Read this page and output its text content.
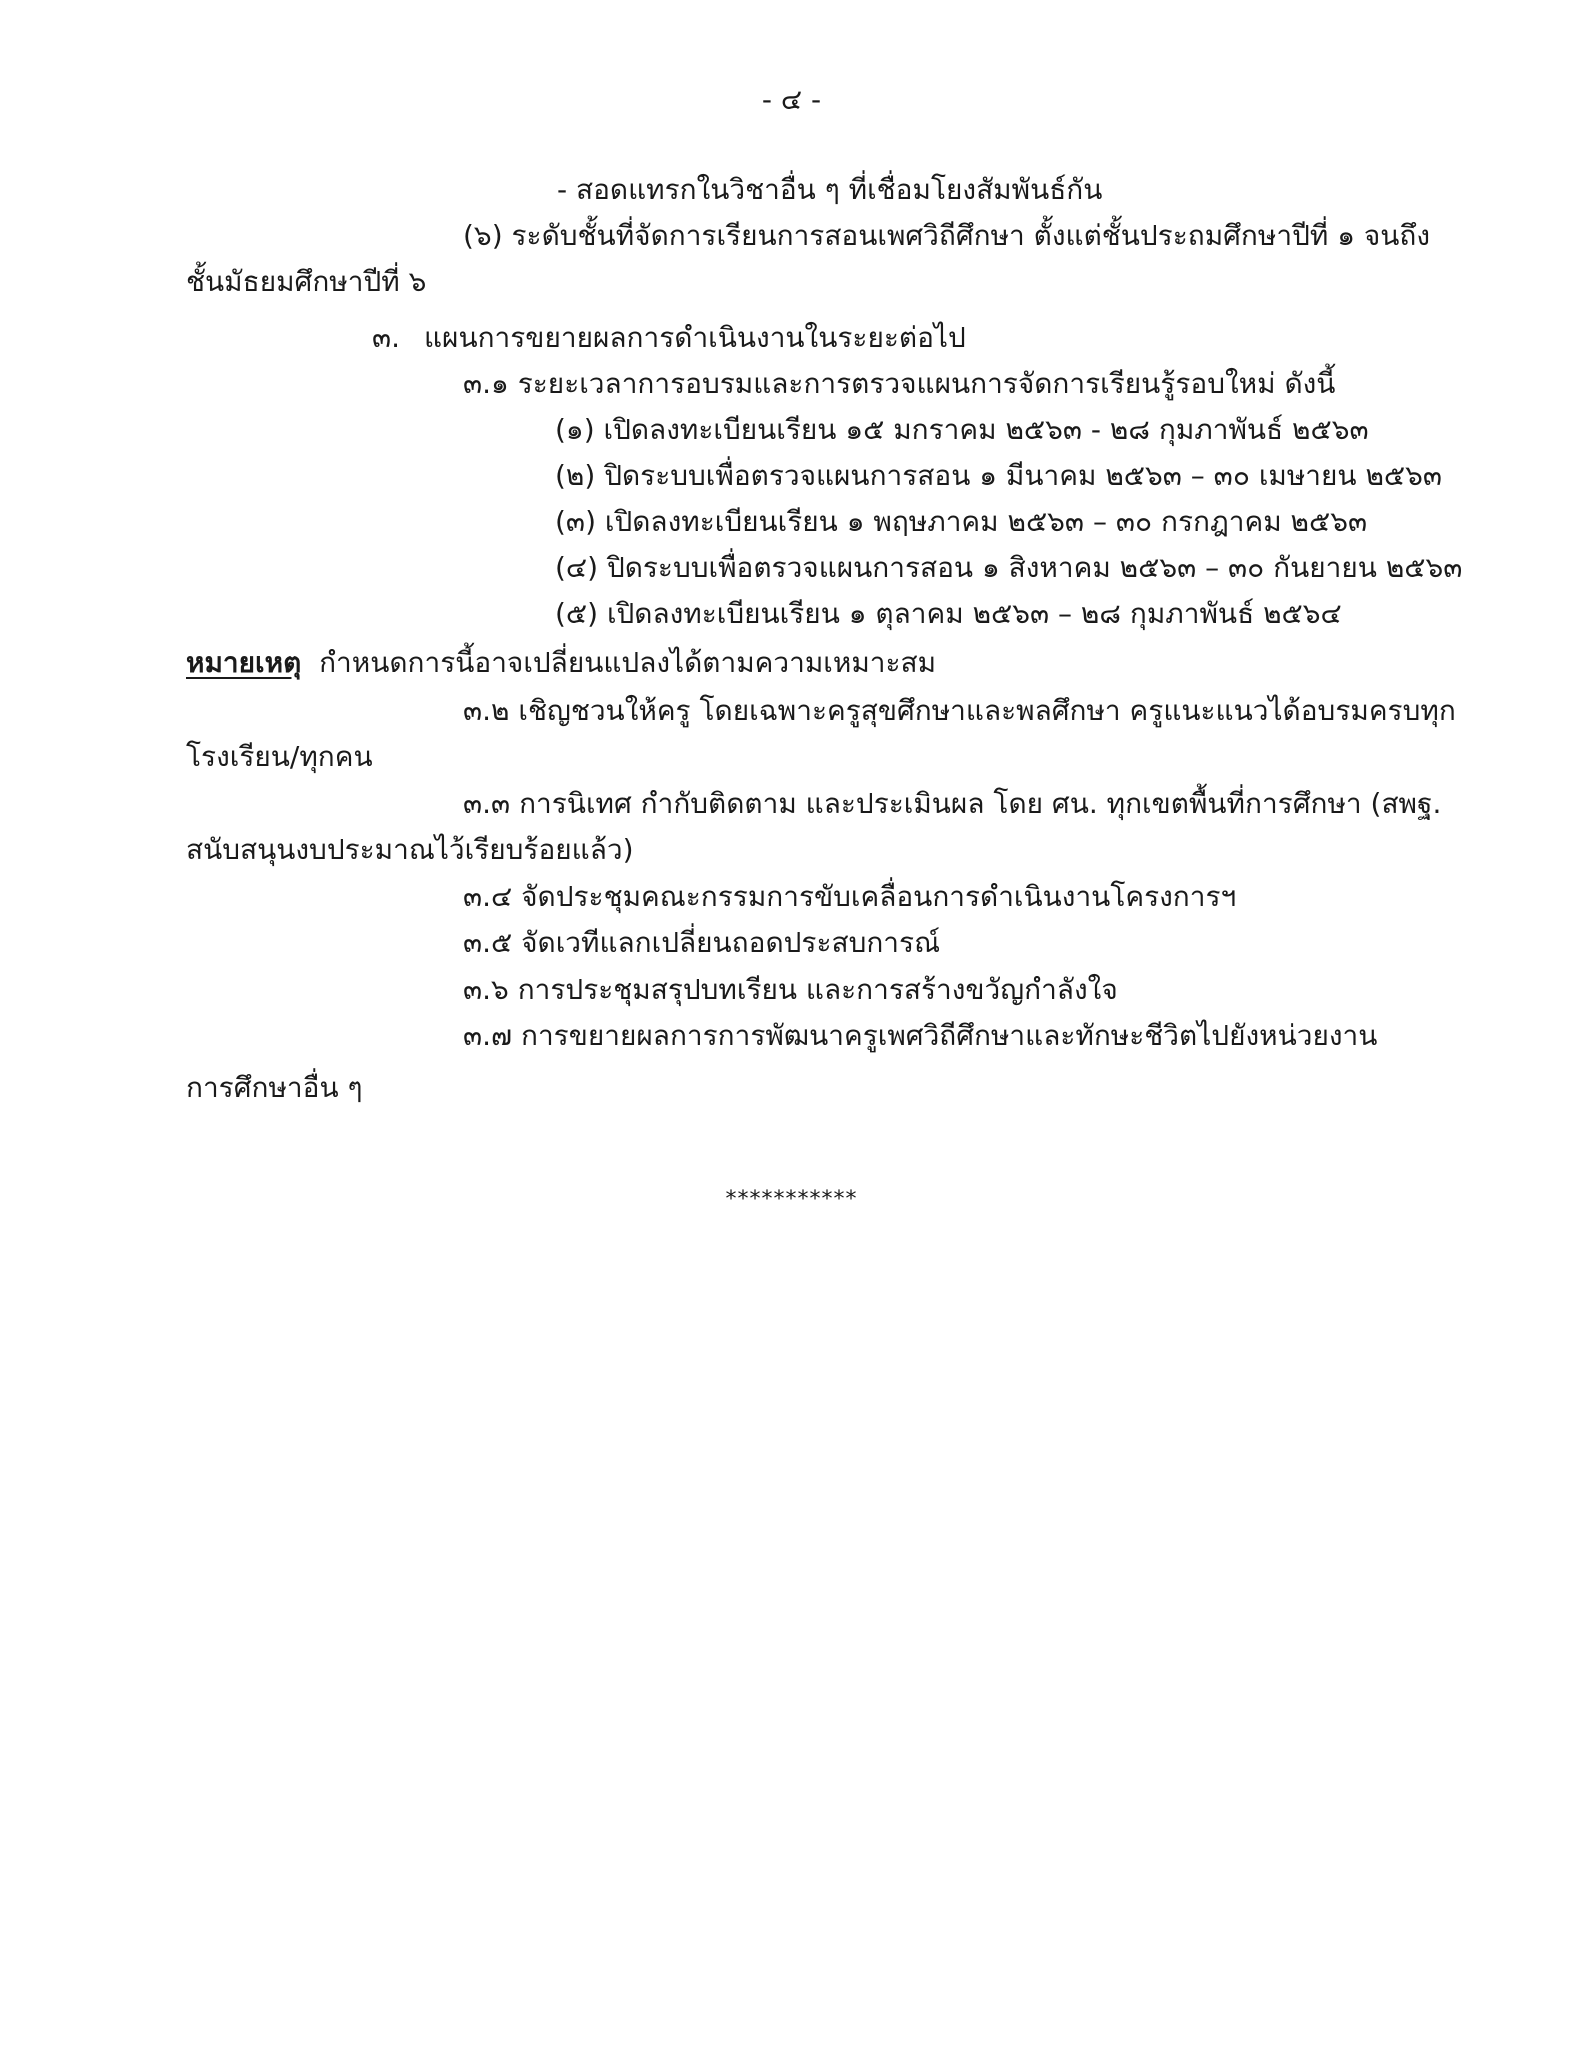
- ๔ -
- สอดแทรกในวิชาอื่น ๆ ที่เชื่อมโยงสัมพันธ์กัน
(๖) ระดับชั้นที่จัดการเรียนการสอนเพศวิถีศึกษา ตั้งแต่ชั้นประถมศึกษาปีที่ ๑ จนถึง
ชั้นมัธยมศึกษาปีที่ ๖
๓. แผนการขยายผลการดำเนินงานในระยะต่อไป
๓.๑ ระยะเวลาการอบรมและการตรวจแผนการจัดการเรียนรู้รอบใหม่ ดังนี้
(๑) เปิดลงทะเบียนเรียน ๑๕ มกราคม ๒๕๖๓ - ๒๘ กุมภาพันธ์ ๒๕๖๓
(๒) ปิดระบบเพื่อตรวจแผนการสอน ๑ มีนาคม ๒๕๖๓ – ๓๐ เมษายน ๒๕๖๓
(๓) เปิดลงทะเบียนเรียน ๑ พฤษภาคม ๒๕๖๓ – ๓๐ กรกฎาคม ๒๕๖๓
(๔) ปิดระบบเพื่อตรวจแผนการสอน ๑ สิงหาคม ๒๕๖๓ – ๓๐ กันยายน ๒๕๖๓
(๕) เปิดลงทะเบียนเรียน ๑ ตุลาคม ๒๕๖๓ – ๒๘ กุมภาพันธ์ ๒๕๖๔
หมายเหตุ กำหนดการนี้อาจเปลี่ยนแปลงได้ตามความเหมาะสม
๓.๒ เชิญชวนให้ครู โดยเฉพาะครูสุขศึกษาและพลศึกษา ครูแนะแนวได้อบรมครบทุก
โรงเรียน/ทุกคน
๓.๓ การนิเทศ กำกับติดตาม และประเมินผล โดย ศน. ทุกเขตพื้นที่การศึกษา (สพฐ.
สนับสนุนงบประมาณไว้เรียบร้อยแล้ว)
๓.๔ จัดประชุมคณะกรรมการขับเคลื่อนการดำเนินงานโครงการฯ
๓.๕ จัดเวทีแลกเปลี่ยนถอดประสบการณ์
๓.๖ การประชุมสรุปบทเรียน และการสร้างขวัญกำลังใจ
๓.๗ การขยายผลการการพัฒนาครูเพศวิถีศึกษาและทักษะชีวิตไปยังหน่วยงาน
การศึกษาอื่น ๆ
***********
